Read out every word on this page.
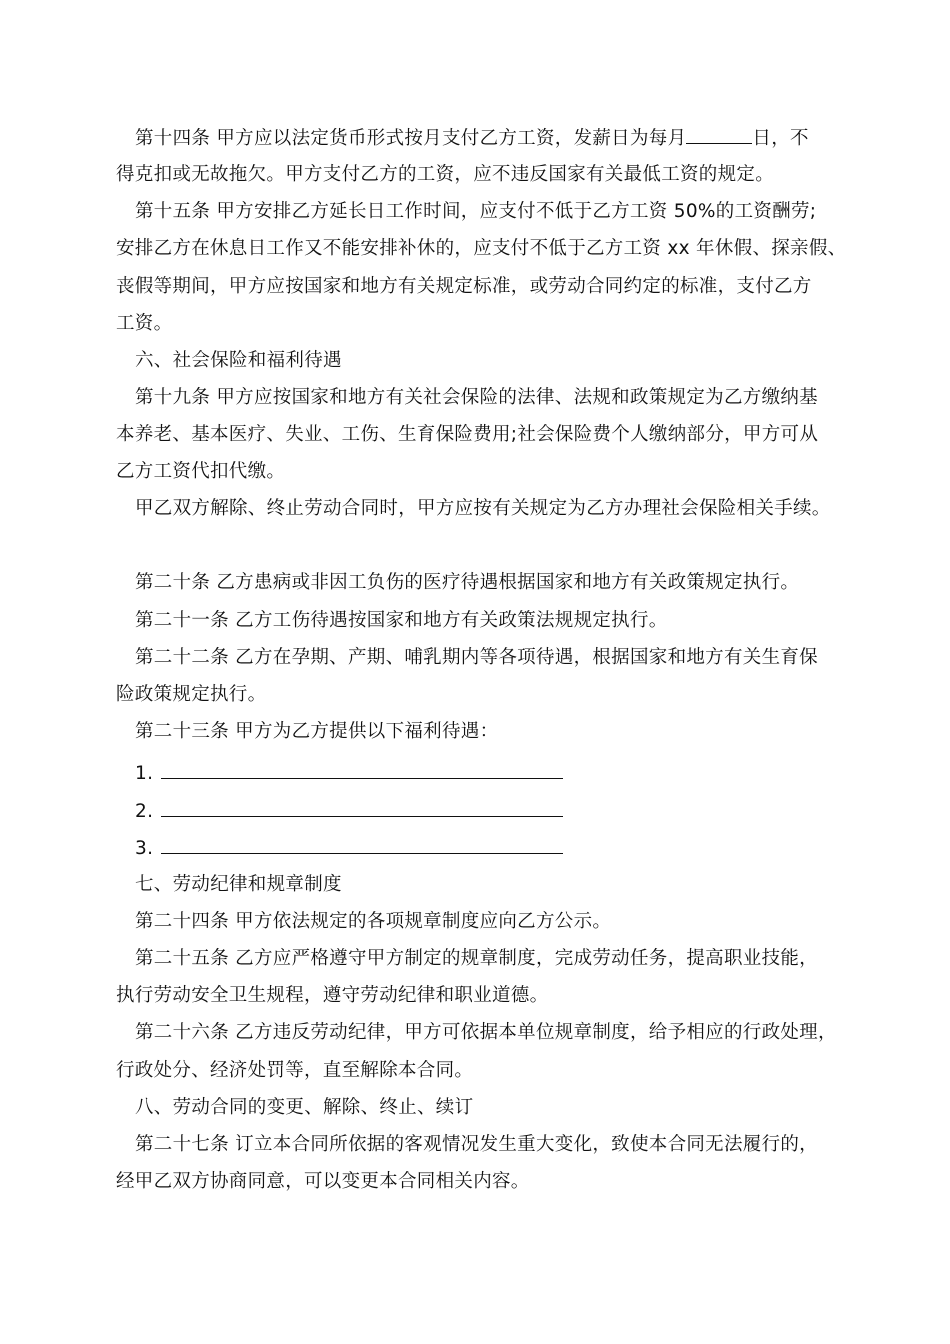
第十四条 甲方应以法定货币形式按月支付乙方工资，发薪日为每月	日，不
得克扣或无故拖欠。甲方支付乙方的工资，应不违反国家有关最低工资的规定。
第十五条 甲方安排乙方延长日工作时间，应支付不低于乙方工资 50%的工资酬劳;
安排乙方在休息日工作又不能安排补休的，应支付不低于乙方工资 xx 年休假、探亲假、
丧假等期间，甲方应按国家和地方有关规定标准，或劳动合同约定的标准，支付乙方
工资。
六、社会保险和福利待遇
第十九条 甲方应按国家和地方有关社会保险的法律、法规和政策规定为乙方缴纳基
本养老、基本医疗、失业、工伤、生育保险费用;社会保险费个人缴纳部分，甲方可从
乙方工资代扣代缴。
甲乙双方解除、终止劳动合同时，甲方应按有关规定为乙方办理社会保险相关手续。
第二十条 乙方患病或非因工负伤的医疗待遇根据国家和地方有关政策规定执行。
第二十一条 乙方工伤待遇按国家和地方有关政策法规规定执行。
第二十二条 乙方在孕期、产期、哺乳期内等各项待遇，根据国家和地方有关生育保
险政策规定执行。
第二十三条 甲方为乙方提供以下福利待遇：
1.
2.
3.
七、劳动纪律和规章制度
第二十四条 甲方依法规定的各项规章制度应向乙方公示。
第二十五条 乙方应严格遵守甲方制定的规章制度，完成劳动任务，提高职业技能，
执行劳动安全卫生规程，遵守劳动纪律和职业道德。
第二十六条 乙方违反劳动纪律，甲方可依据本单位规章制度，给予相应的行政处理，
行政处分、经济处罚等，直至解除本合同。
八、劳动合同的变更、解除、终止、续订
第二十七条 订立本合同所依据的客观情况发生重大变化，致使本合同无法履行的，
经甲乙双方协商同意，可以变更本合同相关内容。
